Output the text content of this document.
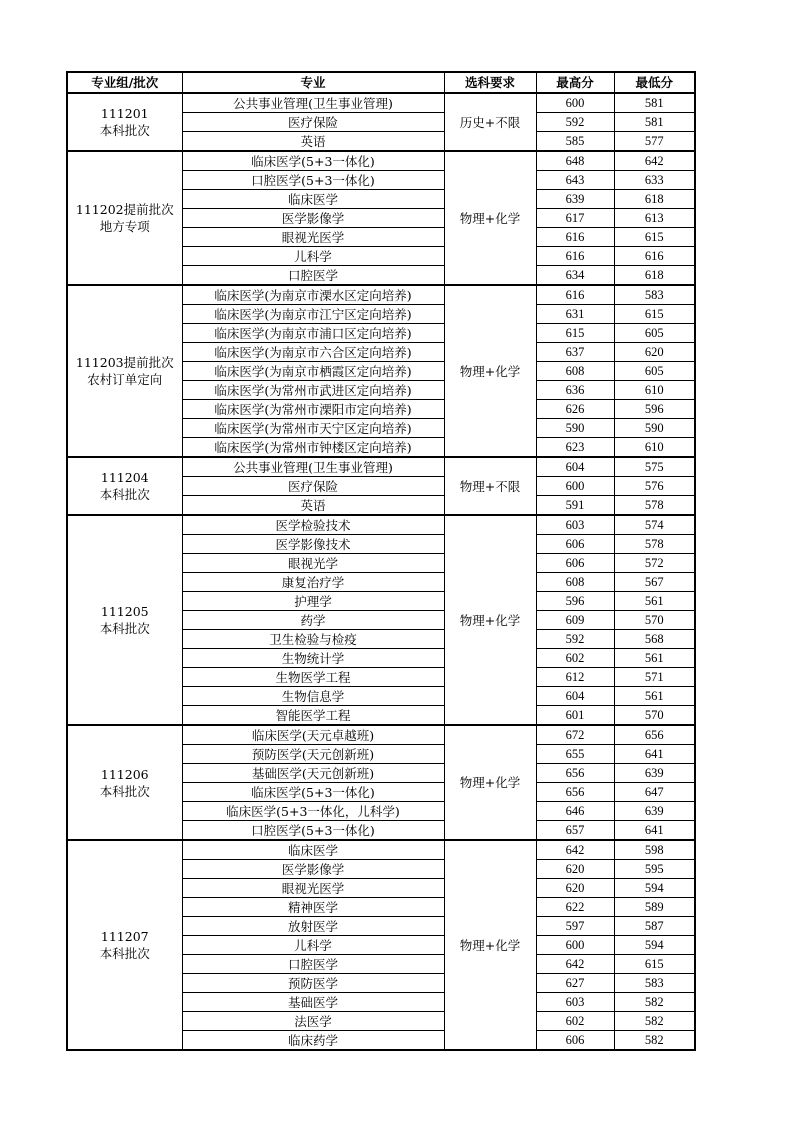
专业组/批次	专业	选科要求	最高分	最低分

111201
本科批次	公共事业管理(卫生事业管理)	历史+不限	600	581
	医疗保险		592	581
	英语		585	577

111202提前批次
地方专项	临床医学(5+3一体化)	物理+化学	648	642
	口腔医学(5+3一体化)		643	633
	临床医学		639	618
	医学影像学		617	613
	眼视光医学		616	615
	儿科学		616	616
	口腔医学		634	618

111203提前批次
农村订单定向	临床医学(为南京市溧水区定向培养)	物理+化学	616	583
	临床医学(为南京市江宁区定向培养)		631	615
	临床医学(为南京市浦口区定向培养)		615	605
	临床医学(为南京市六合区定向培养)		637	620
	临床医学(为南京市栖霞区定向培养)		608	605
	临床医学(为常州市武进区定向培养)		636	610
	临床医学(为常州市溧阳市定向培养)		626	596
	临床医学(为常州市天宁区定向培养)		590	590
	临床医学(为常州市钟楼区定向培养)		623	610

111204
本科批次	公共事业管理(卫生事业管理)	物理+不限	604	575
	医疗保险		600	576
	英语		591	578

111205
本科批次	医学检验技术	物理+化学	603	574
	医学影像技术		606	578
	眼视光学		606	572
	康复治疗学		608	567
	护理学		596	561
	药学		609	570
	卫生检验与检疫		592	568
	生物统计学		602	561
	生物医学工程		612	571
	生物信息学		604	561
	智能医学工程		601	570

111206
本科批次	临床医学(天元卓越班)	物理+化学	672	656
	预防医学(天元创新班)		655	641
	基础医学(天元创新班)		656	639
	临床医学(5+3一体化)		656	647
	临床医学(5+3一体化，儿科学)		646	639
	口腔医学(5+3一体化)		657	641

111207
本科批次	临床医学	物理+化学	642	598
	医学影像学		620	595
	眼视光医学		620	594
	精神医学		622	589
	放射医学		597	587
	儿科学		600	594
	口腔医学		642	615
	预防医学		627	583
	基础医学		603	582
	法医学		602	582
	临床药学		606	582
